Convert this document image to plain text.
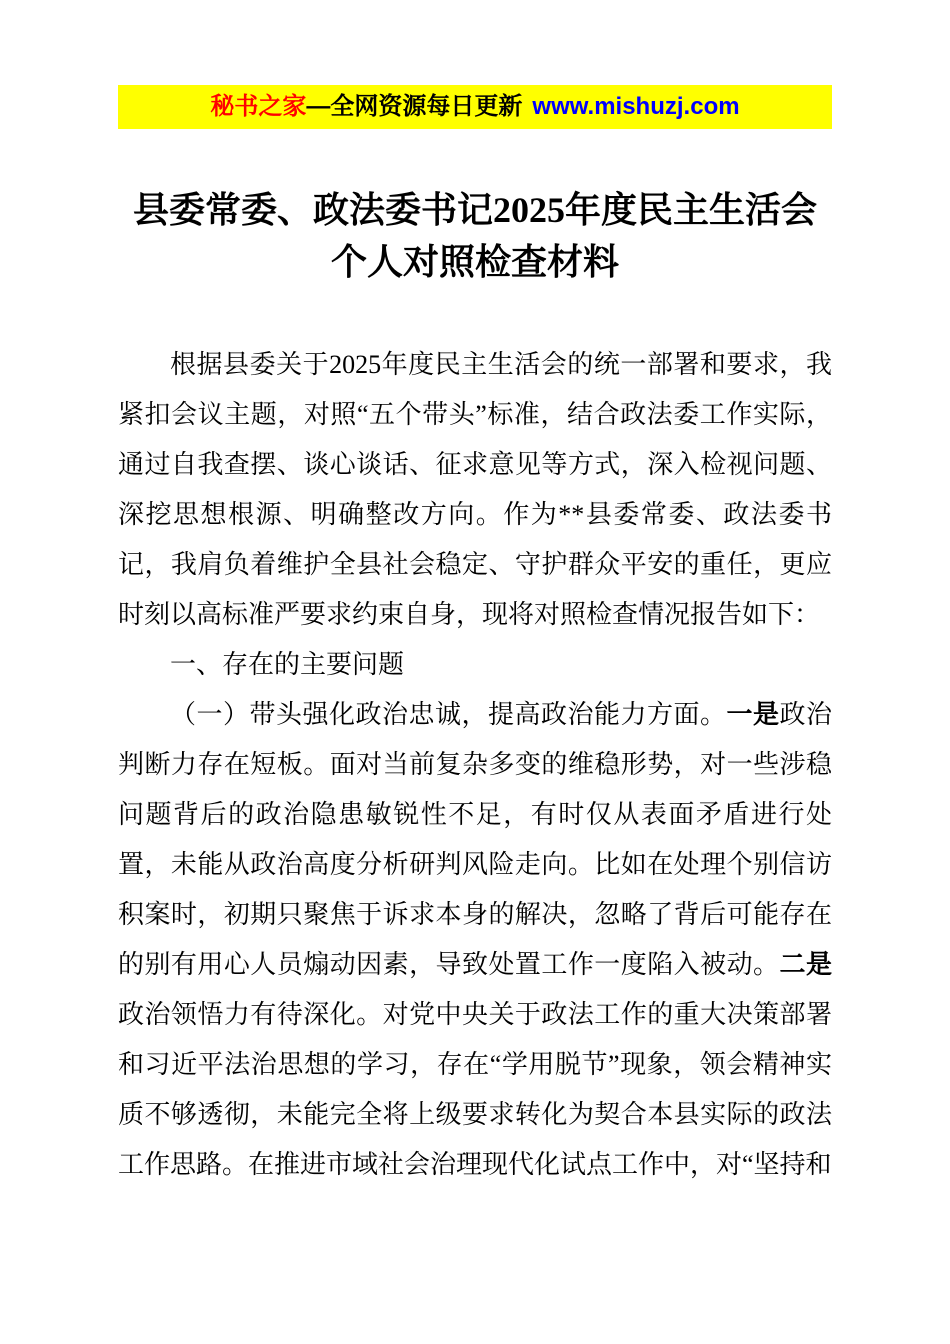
秘书之家—全网资源每日更新 www.mishuzj.com
县委常委、政法委书记2025年度民主生活会
个人对照检查材料

根据县委关于2025年度民主生活会的统一部署和要求，我紧扣会议主题，对照“五个带头”标准，结合政法委工作实际，通过自我查摆、谈心谈话、征求意见等方式，深入检视问题、深挖思想根源、明确整改方向。作为**县委常委、政法委书记，我肩负着维护全县社会稳定、守护群众平安的重任，更应时刻以高标准严要求约束自身，现将对照检查情况报告如下：

一、存在的主要问题

（一）带头强化政治忠诚，提高政治能力方面。一是政治判断力存在短板。面对当前复杂多变的维稳形势，对一些涉稳问题背后的政治隐患敏锐性不足，有时仅从表面矛盾进行处置，未能从政治高度分析研判风险走向。比如在处理个别信访积案时，初期只聚焦于诉求本身的解决，忽略了背后可能存在的别有用心人员煽动因素，导致处置工作一度陷入被动。二是政治领悟力有待深化。对党中央关于政法工作的重大决策部署和习近平法治思想的学习，存在“学用脱节”现象，领会精神实质不够透彻，未能完全将上级要求转化为契合本县实际的政法工作思路。在推进市域社会治理现代化试点工作中，对“坚持和
